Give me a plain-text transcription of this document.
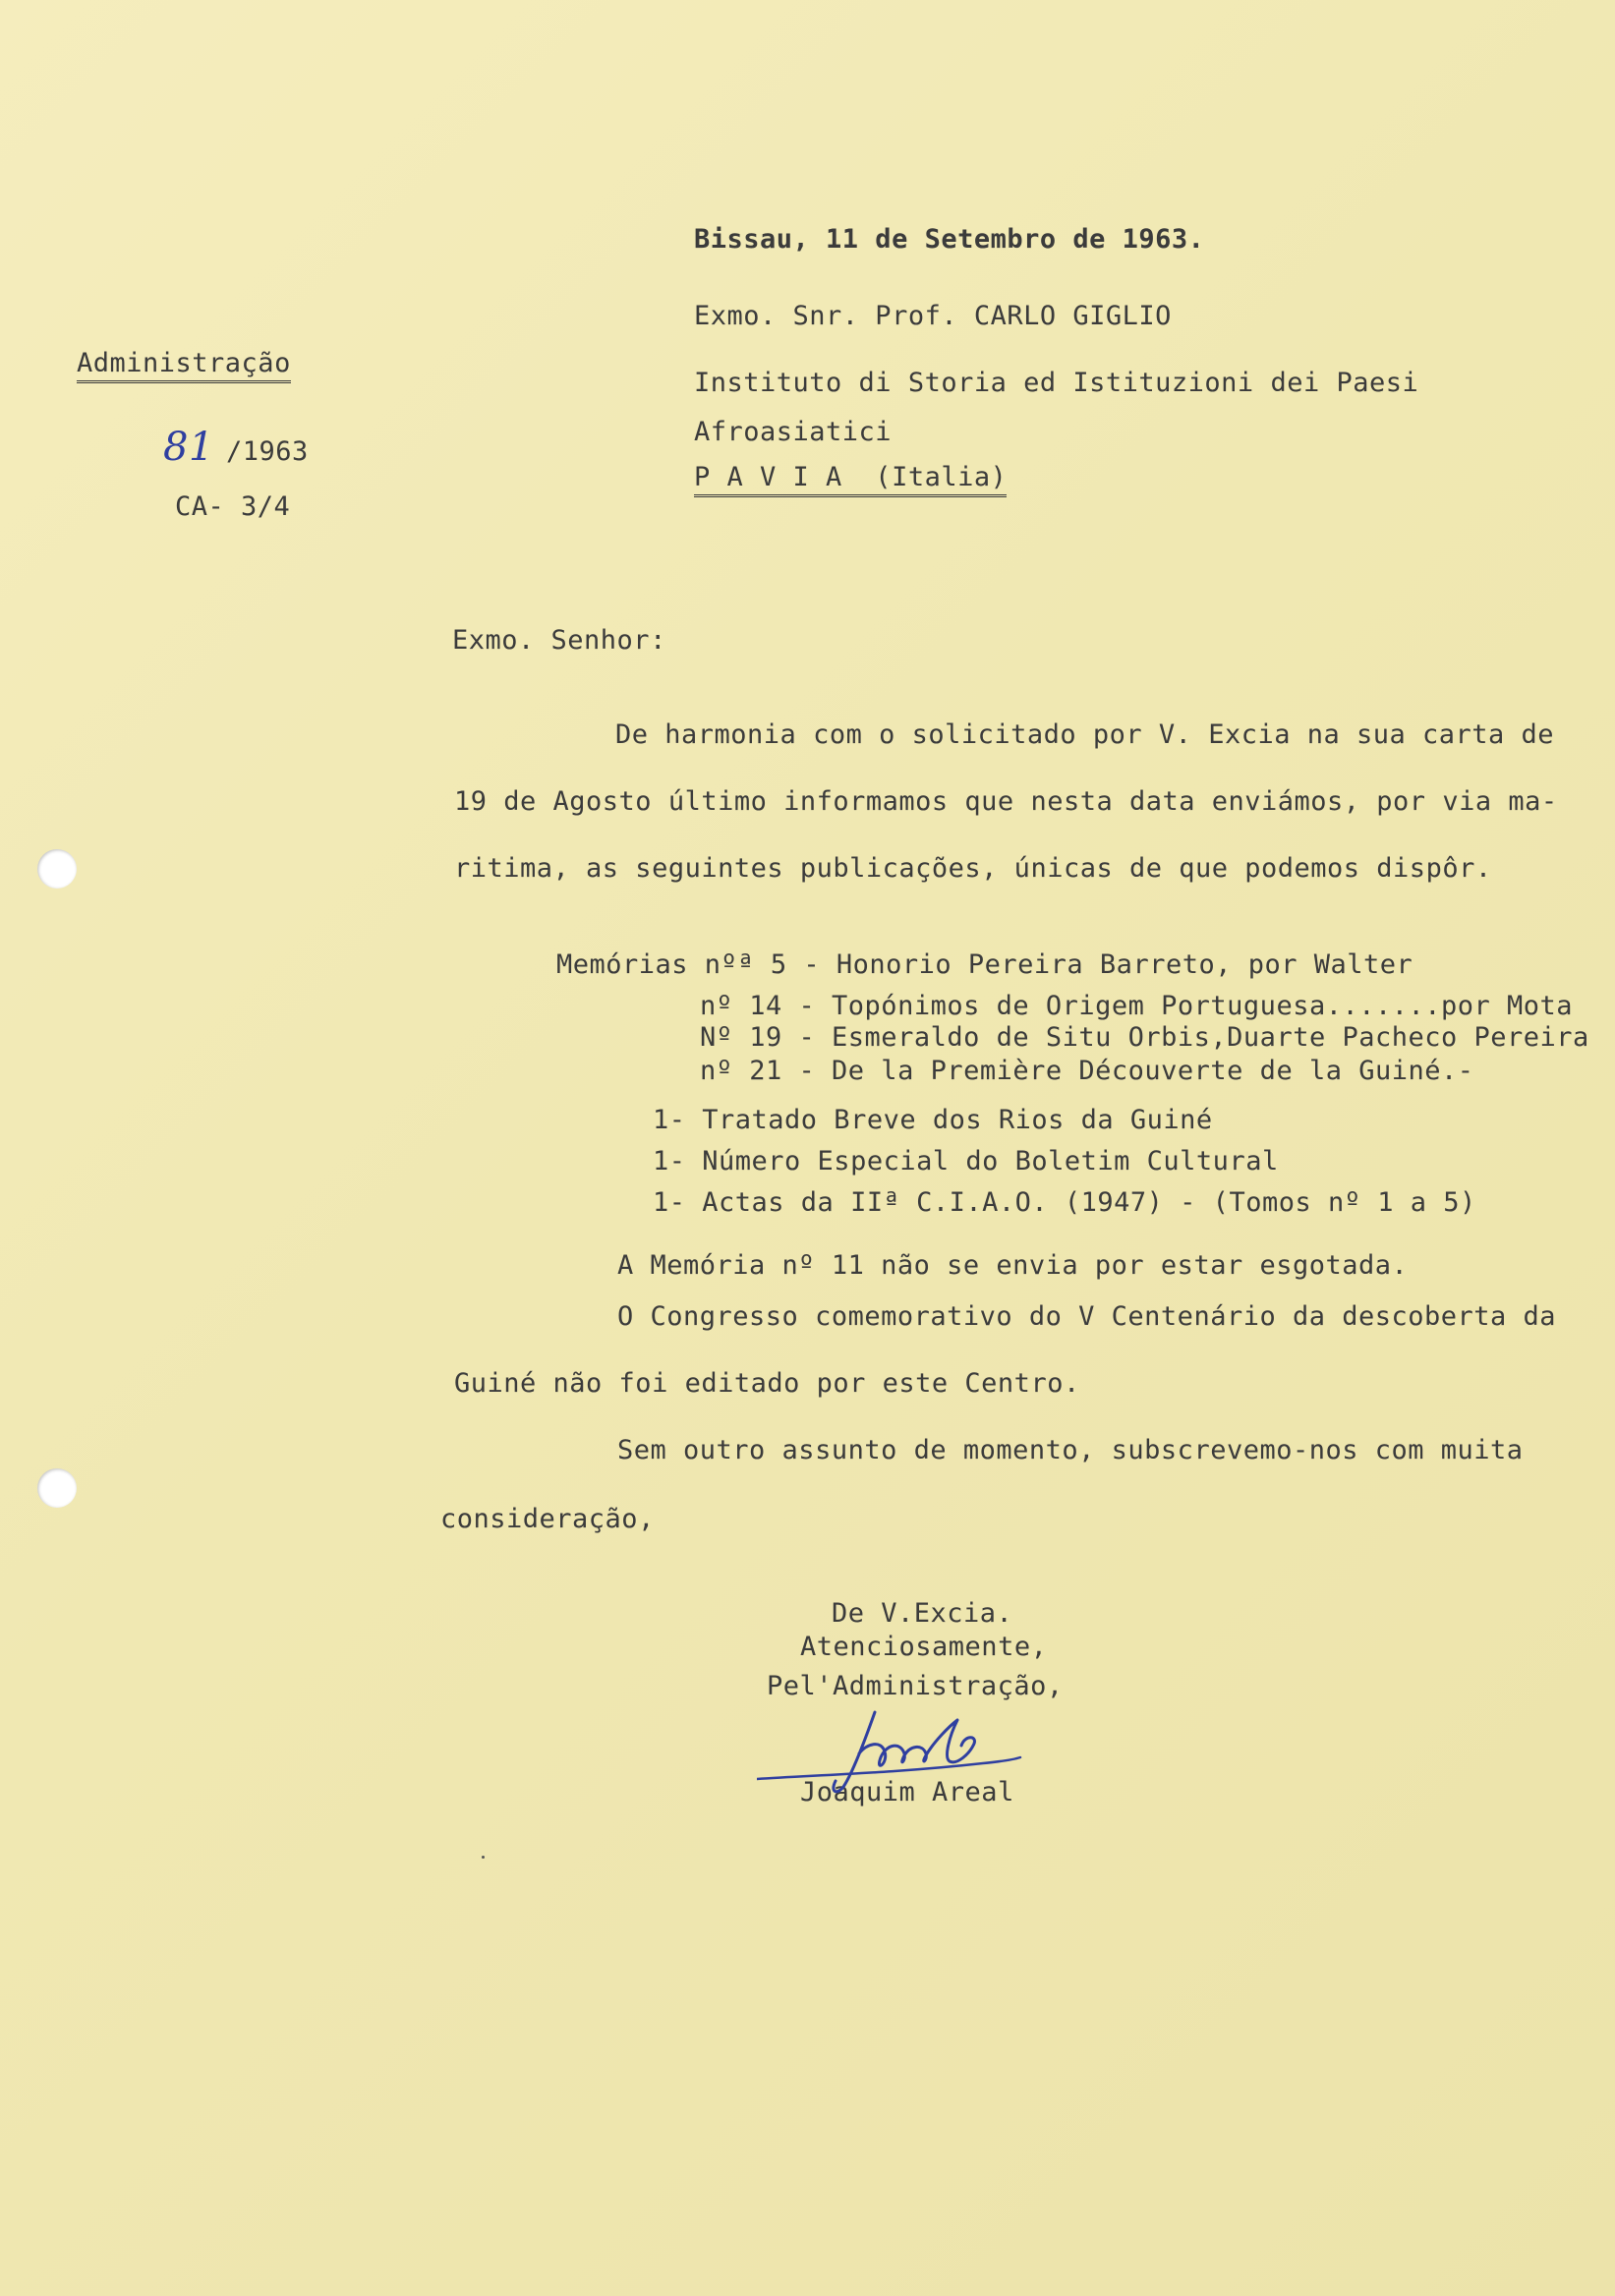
Bissau, 11 de Setembro de 1963.
Exmo. Snr. Prof. CARLO GIGLIO
Instituto di Storia ed Istituzioni dei Paesi
Afroasiatici
P A V I A  (Italia)
Administração
81 /1963
CA- 3/4
Exmo. Senhor:
De harmonia com o solicitado por V. Excia na sua carta de
19 de Agosto último informamos que nesta data enviámos, por via ma-
ritima, as seguintes publicações, únicas de que podemos dispôr.
Memórias nºª 5 - Honorio Pereira Barreto, por Walter
nº 14 - Topónimos de Origem Portuguesa.......por Mota
Nº 19 - Esmeraldo de Situ Orbis,Duarte Pacheco Pereira
nº 21 - De la Première Découverte de la Guiné.-
1- Tratado Breve dos Rios da Guiné
1- Número Especial do Boletim Cultural
1- Actas da IIª C.I.A.O. (1947) - (Tomos nº 1 a 5)
A Memória nº 11 não se envia por estar esgotada.
O Congresso comemorativo do V Centenário da descoberta da
Guiné não foi editado por este Centro.
Sem outro assunto de momento, subscrevemo-nos com muita
consideração,
De V.Excia.
Atenciosamente,
Pel'Administração,
Joaquim Areal
